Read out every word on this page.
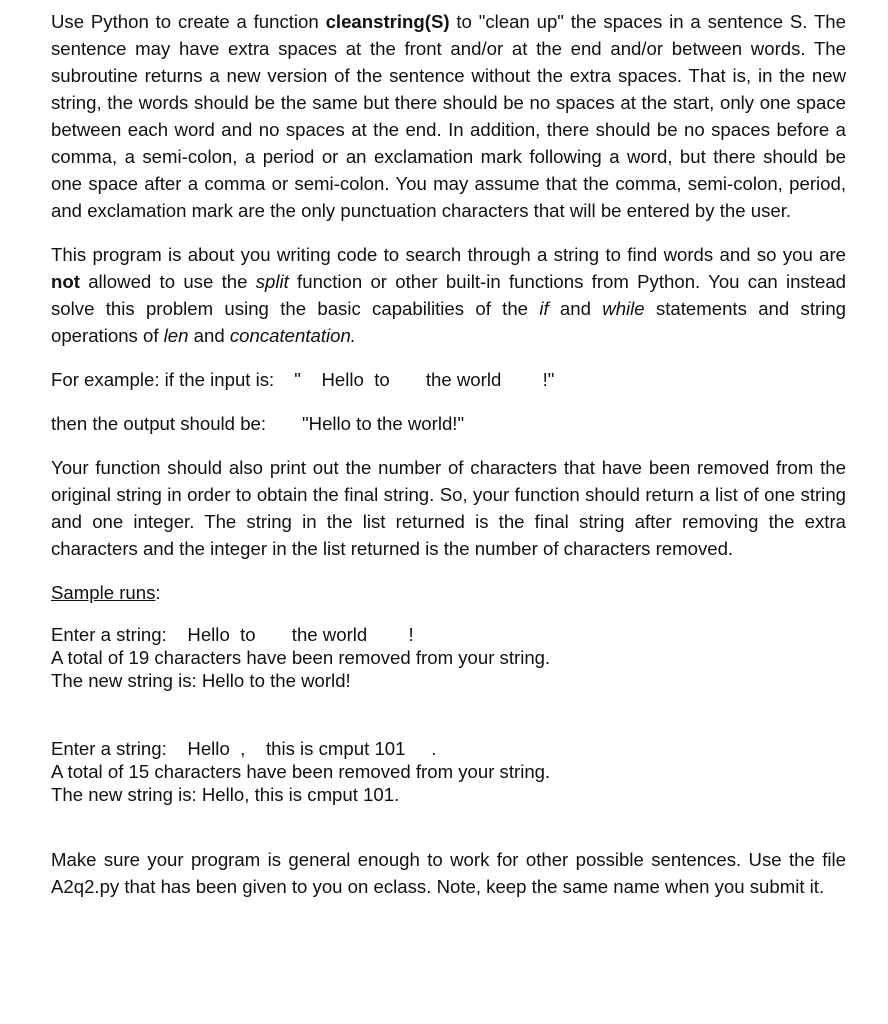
Use Python to create a function cleanstring(S) to "clean up" the spaces in a sentence S. The sentence may have extra spaces at the front and/or at the end and/or between words. The subroutine returns a new version of the sentence without the extra spaces. That is, in the new string, the words should be the same but there should be no spaces at the start, only one space between each word and no spaces at the end. In addition, there should be no spaces before a comma, a semi-colon, a period or an exclamation mark following a word, but there should be one space after a comma or semi-colon. You may assume that the comma, semi-colon, period, and exclamation mark are the only punctuation characters that will be entered by the user.

This program is about you writing code to search through a string to find words and so you are not allowed to use the split function or other built-in functions from Python. You can instead solve this problem using the basic capabilities of the if and while statements and string operations of len and concatentation.

For example: if the input is: "    Hello  to       the world        !"
then the output should be: "Hello to the world!"

Your function should also print out the number of characters that have been removed from the original string in order to obtain the final string. So, your function should return a list of one string and one integer. The string in the list returned is the final string after removing the extra characters and the integer in the list returned is the number of characters removed.

Sample runs:
Enter a string:    Hello  to       the world        !
A total of 19 characters have been removed from your string.
The new string is: Hello to the world!
Enter a string:    Hello  ,    this is cmput 101     .
A total of 15 characters have been removed from your string.
The new string is: Hello, this is cmput 101.

Make sure your program is general enough to work for other possible sentences. Use the file A2q2.py that has been given to you on eclass. Note, keep the same name when you submit it.
